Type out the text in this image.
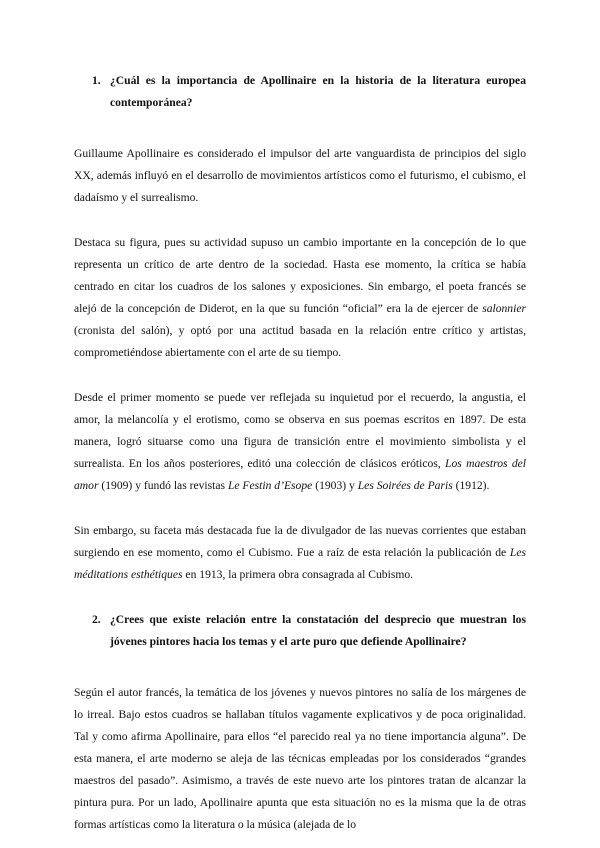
1. ¿Cuál es la importancia de Apollinaire en la historia de la literatura europea contemporánea?

Guillaume Apollinaire es considerado el impulsor del arte vanguardista de principios del siglo XX, además influyó en el desarrollo de movimientos artísticos como el futurismo, el cubismo, el dadaísmo y el surrealismo.

Destaca su figura, pues su actividad supuso un cambio importante en la concepción de lo que representa un crítico de arte dentro de la sociedad. Hasta ese momento, la crítica se había centrado en citar los cuadros de los salones y exposiciones. Sin embargo, el poeta francés se alejó de la concepción de Diderot, en la que su función “oficial” era la de ejercer de salonnier (cronista del salón), y optó por una actitud basada en la relación entre crítico y artistas, comprometiéndose abiertamente con el arte de su tiempo.

Desde el primer momento se puede ver reflejada su inquietud por el recuerdo, la angustia, el amor, la melancolía y el erotismo, como se observa en sus poemas escritos en 1897. De esta manera, logró situarse como una figura de transición entre el movimiento simbolista y el surrealista. En los años posteriores, editó una colección de clásicos eróticos, Los maestros del amor (1909) y fundó las revistas Le Festin d’Esope (1903) y Les Soirées de Paris (1912).

Sin embargo, su faceta más destacada fue la de divulgador de las nuevas corrientes que estaban surgiendo en ese momento, como el Cubismo. Fue a raíz de esta relación la publicación de Les méditations esthétiques en 1913, la primera obra consagrada al Cubismo.

2. ¿Crees que existe relación entre la constatación del desprecio que muestran los jóvenes pintores hacia los temas y el arte puro que defiende Apollinaire?

Según el autor francés, la temática de los jóvenes y nuevos pintores no salía de los márgenes de lo irreal. Bajo estos cuadros se hallaban títulos vagamente explicativos y de poca originalidad. Tal y como afirma Apollinaire, para ellos “el parecido real ya no tiene importancia alguna”. De esta manera, el arte moderno se aleja de las técnicas empleadas por los considerados “grandes maestros del pasado”. Asimismo, a través de este nuevo arte los pintores tratan de alcanzar la pintura pura. Por un lado, Apollinaire apunta que esta situación no es la misma que la de otras formas artísticas como la literatura o la música (alejada de lo
